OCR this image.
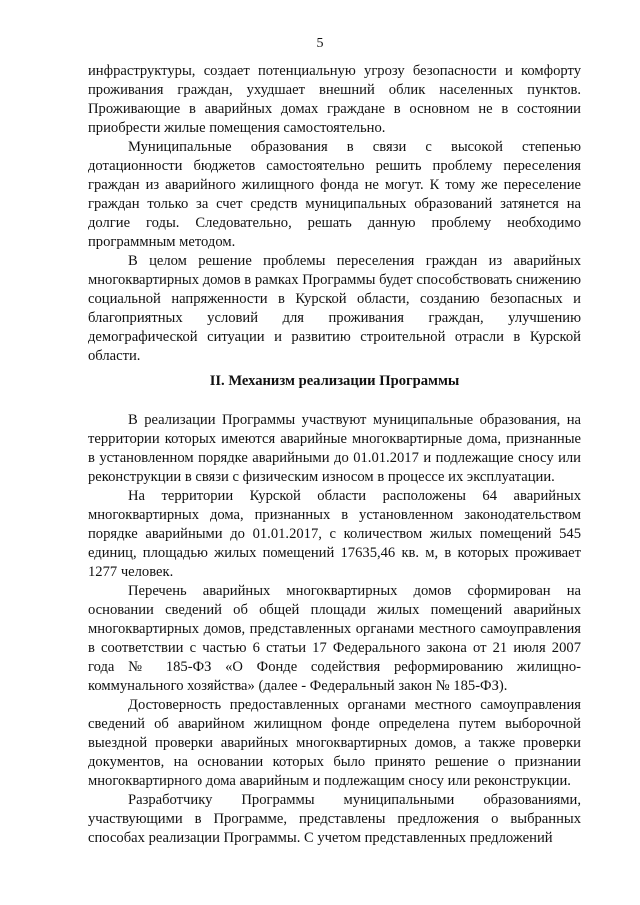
5

инфраструктуры, создает потенциальную угрозу безопасности и комфорту проживания граждан, ухудшает внешний облик населенных пунктов. Проживающие в аварийных домах граждане в основном не в состоянии приобрести жилые помещения самостоятельно.

Муниципальные образования в связи с высокой степенью дотационности бюджетов самостоятельно решить проблему переселения граждан из аварийного жилищного фонда не могут. К тому же переселение граждан только за счет средств муниципальных образований затянется на долгие годы. Следовательно, решать данную проблему необходимо программным методом.

В целом решение проблемы переселения граждан из аварийных многоквартирных домов в рамках Программы будет способствовать снижению социальной напряженности в Курской области, созданию безопасных и благоприятных условий для проживания граждан, улучшению демографической ситуации и развитию строительной отрасли в Курской области.

II. Механизм реализации Программы

В реализации Программы участвуют муниципальные образования, на территории которых имеются аварийные многоквартирные дома, признанные в установленном порядке аварийными до 01.01.2017 и подлежащие сносу или реконструкции в связи с физическим износом в процессе их эксплуатации.

На территории Курской области расположены 64 аварийных многоквартирных дома, признанных в установленном законодательством порядке аварийными до 01.01.2017, с количеством жилых помещений 545 единиц, площадью жилых помещений 17635,46 кв. м, в которых проживает 1277 человек.

Перечень аварийных многоквартирных домов сформирован на основании сведений об общей площади жилых помещений аварийных многоквартирных домов, представленных органами местного самоуправления в соответствии с частью 6 статьи 17 Федерального закона от 21 июля 2007 года № 185-ФЗ «О Фонде содействия реформированию жилищно-коммунального хозяйства» (далее - Федеральный закон № 185-ФЗ).

Достоверность предоставленных органами местного самоуправления сведений об аварийном жилищном фонде определена путем выборочной выездной проверки аварийных многоквартирных домов, а также проверки документов, на основании которых было принято решение о признании многоквартирного дома аварийным и подлежащим сносу или реконструкции.

Разработчику Программы муниципальными образованиями, участвующими в Программе, представлены предложения о выбранных способах реализации Программы. С учетом представленных предложений
